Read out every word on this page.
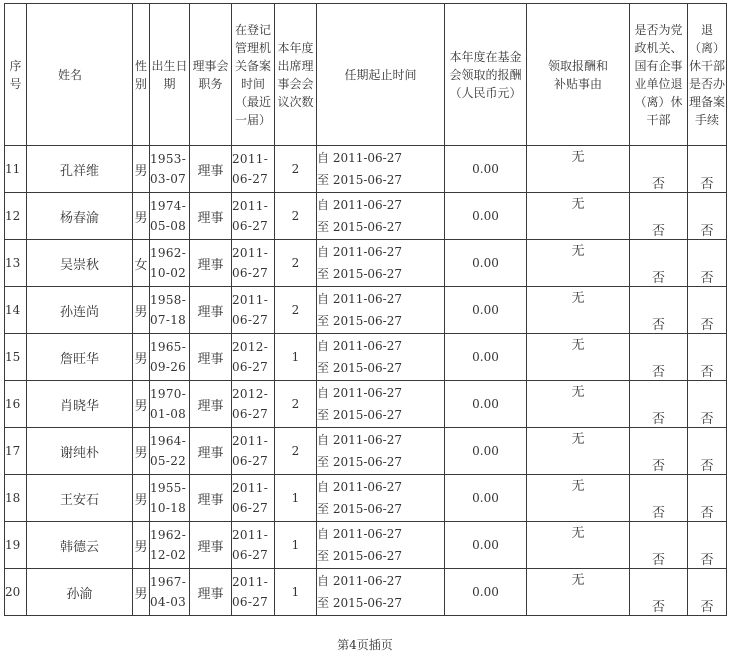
序号	姓名	性别	出生日期	理事会职务	在登记管理机关备案时间（最近一届）	本年度出席理事会会议次数	任期起止时间	本年度在基金会领取的报酬（人民币元）	领取报酬和补贴事由	是否为党政机关、国有企事业单位退（离）休干部	退（离）休干部是否办理备案手续

11	孔祥维	男	1953-03-07	理事	2011-06-27	2	自 2011-06-27
至 2015-06-27	0.00	无	否	否
12	杨春渝	男	1974-05-08	理事	2011-06-27	2	自 2011-06-27
至 2015-06-27	0.00	无	否	否
13	吴崇秋	女	1962-10-02	理事	2011-06-27	2	自 2011-06-27
至 2015-06-27	0.00	无	否	否
14	孙连尚	男	1958-07-18	理事	2011-06-27	2	自 2011-06-27
至 2015-06-27	0.00	无	否	否
15	詹旺华	男	1965-09-26	理事	2012-06-27	1	自 2011-06-27
至 2015-06-27	0.00	无	否	否
16	肖晓华	男	1970-01-08	理事	2012-06-27	2	自 2011-06-27
至 2015-06-27	0.00	无	否	否
17	谢纯朴	男	1964-05-22	理事	2011-06-27	2	自 2011-06-27
至 2015-06-27	0.00	无	否	否
18	王安石	男	1955-10-18	理事	2011-06-27	1	自 2011-06-27
至 2015-06-27	0.00	无	否	否
19	韩德云	男	1962-12-02	理事	2011-06-27	1	自 2011-06-27
至 2015-06-27	0.00	无	否	否
20	孙渝	男	1967-04-03	理事	2011-06-27	1	自 2011-06-27
至 2015-06-27	0.00	无	否	否
第4页插页
